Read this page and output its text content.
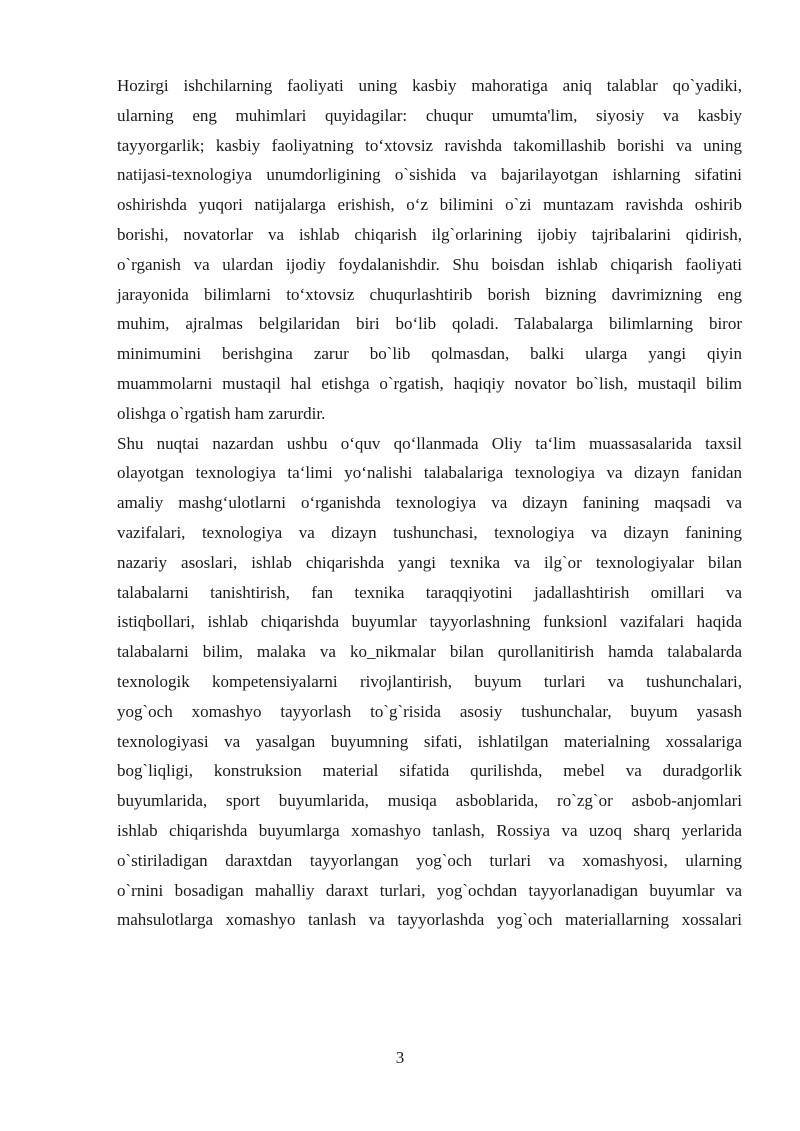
Hozirgi ishchilarning faoliyati uning kasbiy mahoratiga aniq talablar qo`yadiki,
ularning eng muhimlari quyidagilar: chuqur umumta'lim, siyosiy va kasbiy
tayyorgarlik; kasbiy faoliyatning to‘xtovsiz ravishda takomillashib borishi va uning
natijasi-texnologiya unumdorligining o`sishida va bajarilayotgan ishlarning sifatini
oshirishda yuqori natijalarga erishish, o‘z bilimini o`zi muntazam ravishda oshirib
borishi, novatorlar va ishlab chiqarish ilg`orlarining ijobiy tajribalarini qidirish,
o`rganish va ulardan ijodiy foydalanishdir. Shu boisdan ishlab chiqarish faoliyati
jarayonida bilimlarni to‘xtovsiz chuqurlashtirib borish bizning davrimizning eng
muhim, ajralmas belgilaridan biri bo‘lib qoladi. Talabalarga bilimlarning biror
minimumini berishgina zarur bo`lib qolmasdan, balki ularga yangi qiyin
muammolarni mustaqil hal etishga o`rgatish, haqiqiy novator bo`lish, mustaqil bilim
olishga o`rgatish ham zarurdir.
Shu nuqtai nazardan ushbu o‘quv qo‘llanmada Oliy ta‘lim muassasalarida taxsil
olayotgan texnologiya ta‘limi yo‘nalishi talabalariga texnologiya va dizayn fanidan
amaliy mashg‘ulotlarni o‘rganishda texnologiya va dizayn fanining maqsadi va
vazifalari, texnologiya va dizayn tushunchasi, texnologiya va dizayn fanining
nazariy asoslari, ishlab chiqarishda yangi texnika va ilg`or texnologiyalar bilan
talabalarni tanishtirish, fan texnika taraqqiyotini jadallashtirish omillari va
istiqbollari, ishlab chiqarishda buyumlar tayyorlashning funksionl vazifalari haqida
talabalarni bilim, malaka va ko_nikmalar bilan qurollanitirish hamda talabalarda
texnologik kompetensiyalarni rivojlantirish, buyum turlari va tushunchalari,
yog`och xomashyo tayyorlash to`g`risida asosiy tushunchalar, buyum yasash
texnologiyasi va yasalgan buyumning sifati, ishlatilgan materialning xossalariga
bog`liqligi, konstruksion material sifatida qurilishda, mebel va duradgorlik
buyumlarida, sport buyumlarida, musiqa asboblarida, ro`zg`or asbob-anjomlari
ishlab chiqarishda buyumlarga xomashyo tanlash, Rossiya va uzoq sharq yerlarida
o`stiriladigan daraxtdan tayyorlangan yog`och turlari va xomashyosi, ularning
o`rnini bosadigan mahalliy daraxt turlari, yog`ochdan tayyorlanadigan buyumlar va
mahsulotlarga xomashyo tanlash va tayyorlashda yog`och materiallarning xossalari
3
